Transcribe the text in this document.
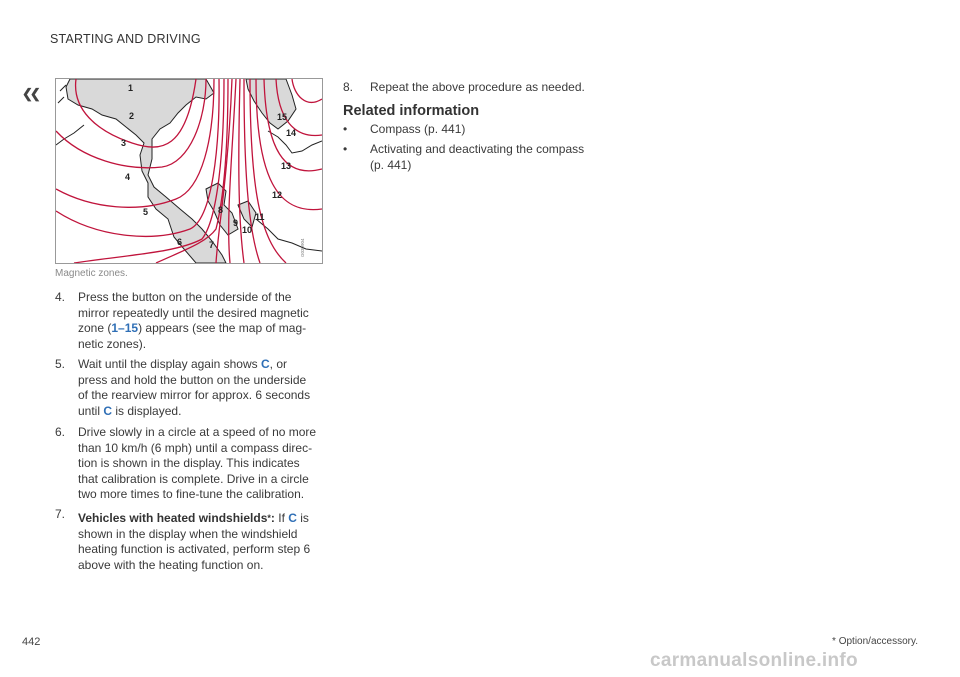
STARTING AND DRIVING
❮❮	1
2
3
4
5
6	7
8
9
10
11
12
13
14
15
G030904
Magnetic zones.
4. Press the button on the underside of the
mirror repeatedly until the desired magnetic
zone (1–15) appears (see the map of mag-
netic zones).
5. Wait until the display again shows C, or
press and hold the button on the underside
of the rearview mirror for approx. 6 seconds
until C is displayed.
6. Drive slowly in a circle at a speed of no more
than 10 km/h (6 mph) until a compass direc-
tion is shown in the display. This indicates
that calibration is complete. Drive in a circle
two more times to fine-tune the calibration.
7. Vehicles with heated windshields*: If C is
shown in the display when the windshield
heating function is activated, perform step 6
above with the heating function on.
8. Repeat the above procedure as needed.
Related information
• Compass (p. 441)
• Activating and deactivating the compass
(p. 441)
442	* Option/accessory.
carmanualsonline.info
